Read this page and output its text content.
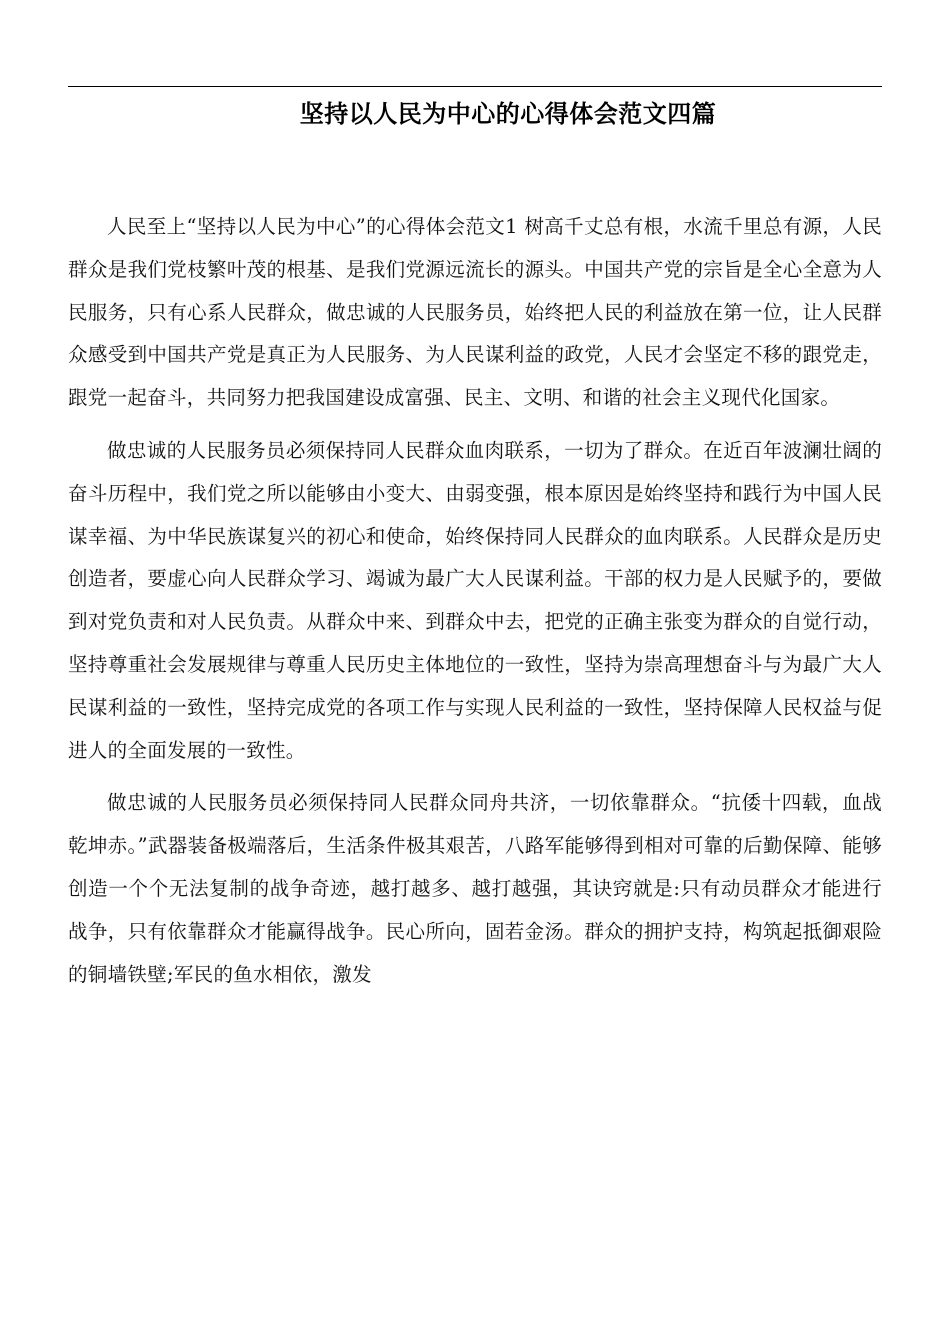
坚持以人民为中心的心得体会范文四篇

人民至上“坚持以人民为中心”的心得体会范文1 树高千丈总有根，水流千里总有源，人民群众是我们党枝繁叶茂的根基、是我们党源远流长的源头。中国共产党的宗旨是全心全意为人民服务，只有心系人民群众，做忠诚的人民服务员，始终把人民的利益放在第一位，让人民群众感受到中国共产党是真正为人民服务、为人民谋利益的政党，人民才会坚定不移的跟党走，跟党一起奋斗，共同努力把我国建设成富强、民主、文明、和谐的社会主义现代化国家。

做忠诚的人民服务员必须保持同人民群众血肉联系，一切为了群众。在近百年波澜壮阔的奋斗历程中，我们党之所以能够由小变大、由弱变强，根本原因是始终坚持和践行为中国人民谋幸福、为中华民族谋复兴的初心和使命，始终保持同人民群众的血肉联系。人民群众是历史创造者，要虚心向人民群众学习、竭诚为最广大人民谋利益。干部的权力是人民赋予的，要做到对党负责和对人民负责。从群众中来、到群众中去，把党的正确主张变为群众的自觉行动，坚持尊重社会发展规律与尊重人民历史主体地位的一致性，坚持为崇高理想奋斗与为最广大人民谋利益的一致性，坚持完成党的各项工作与实现人民利益的一致性，坚持保障人民权益与促进人的全面发展的一致性。

做忠诚的人民服务员必须保持同人民群众同舟共济，一切依靠群众。“抗倭十四载，血战乾坤赤。”武器装备极端落后，生活条件极其艰苦，八路军能够得到相对可靠的后勤保障、能够创造一个个无法复制的战争奇迹，越打越多、越打越强，其诀窍就是:只有动员群众才能进行战争，只有依靠群众才能赢得战争。民心所向，固若金汤。群众的拥护支持，构筑起抵御艰险的铜墙铁壁;军民的鱼水相依，激发
